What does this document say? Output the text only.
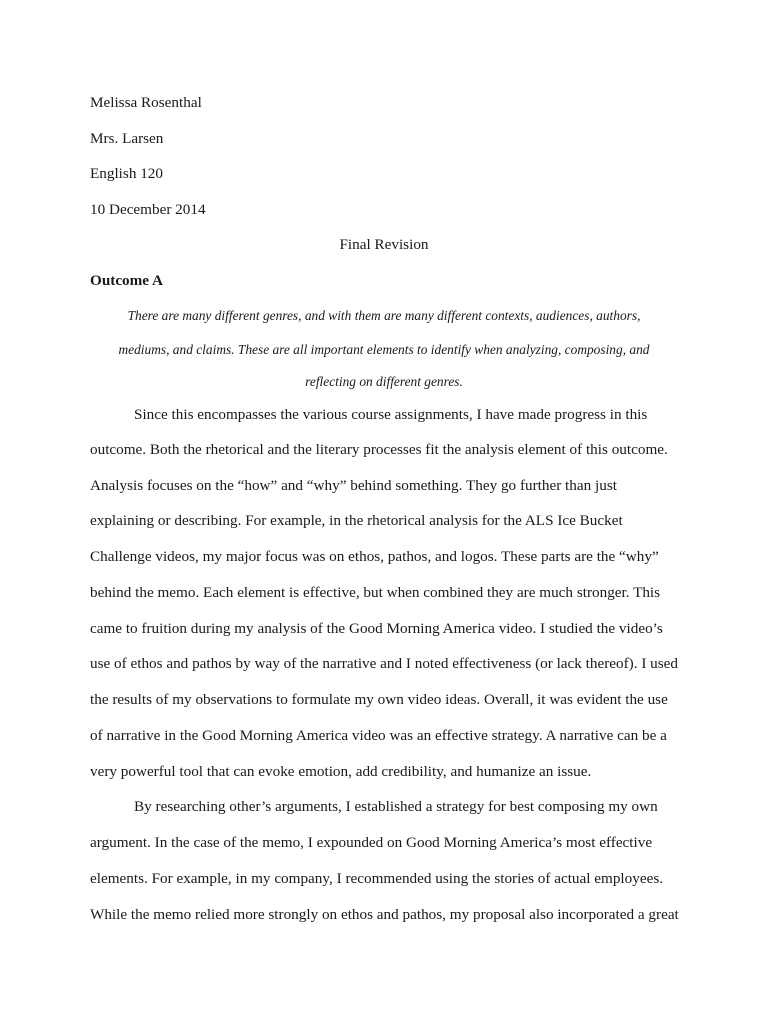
Melissa Rosenthal
Mrs. Larsen
English 120
10 December 2014
Final Revision
Outcome A
There are many different genres, and with them are many different contexts, audiences, authors,
mediums, and claims. These are all important elements to identify when analyzing, composing, and
reflecting on different genres.
Since this encompasses the various course assignments, I have made progress in this
outcome. Both the rhetorical and the literary processes fit the analysis element of this outcome.
Analysis focuses on the “how” and “why” behind something. They go further than just
explaining or describing. For example, in the rhetorical analysis for the ALS Ice Bucket
Challenge videos, my major focus was on ethos, pathos, and logos. These parts are the “why”
behind the memo. Each element is effective, but when combined they are much stronger. This
came to fruition during my analysis of the Good Morning America video. I studied the video’s
use of ethos and pathos by way of the narrative and I noted effectiveness (or lack thereof). I used
the results of my observations to formulate my own video ideas. Overall, it was evident the use
of narrative in the Good Morning America video was an effective strategy. A narrative can be a
very powerful tool that can evoke emotion, add credibility, and humanize an issue.
By researching other’s arguments, I established a strategy for best composing my own
argument. In the case of the memo, I expounded on Good Morning America’s most effective
elements. For example, in my company, I recommended using the stories of actual employees.
While the memo relied more strongly on ethos and pathos, my proposal also incorporated a great
